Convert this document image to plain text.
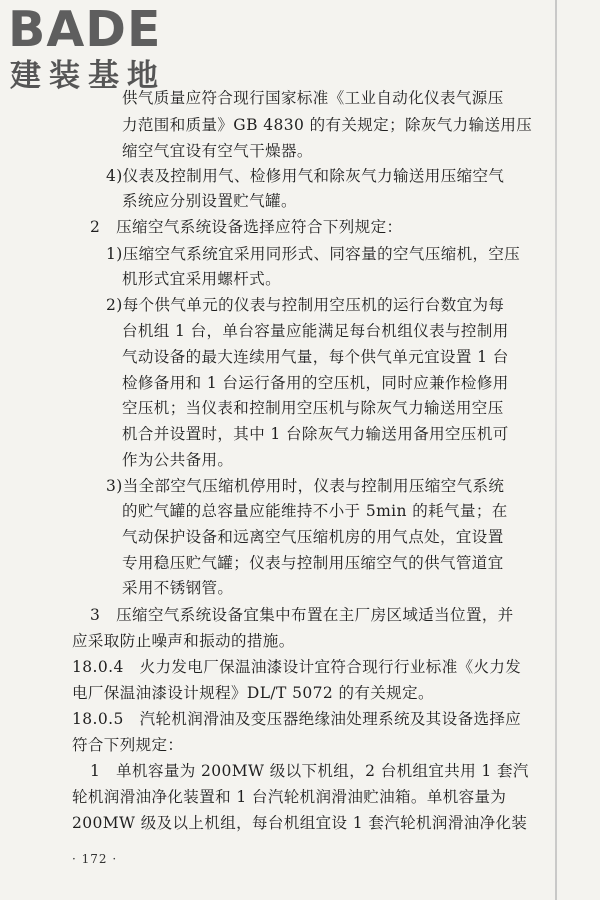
BADE
建装基地
供气质量应符合现行国家标准《工业自动化仪表气源压
力范围和质量》GB 4830 的有关规定；除灰气力输送用压
缩空气宜设有空气干燥器。
4)仪表及控制用气、检修用气和除灰气力输送用压缩空气
系统应分别设置贮气罐。
2　压缩空气系统设备选择应符合下列规定：
1)压缩空气系统宜采用同形式、同容量的空气压缩机，空压
机形式宜采用螺杆式。
2)每个供气单元的仪表与控制用空压机的运行台数宜为每
台机组 1 台，单台容量应能满足每台机组仪表与控制用
气动设备的最大连续用气量，每个供气单元宜设置 1 台
检修备用和 1 台运行备用的空压机，同时应兼作检修用
空压机；当仪表和控制用空压机与除灰气力输送用空压
机合并设置时，其中 1 台除灰气力输送用备用空压机可
作为公共备用。
3)当全部空气压缩机停用时，仪表与控制用压缩空气系统
的贮气罐的总容量应能维持不小于 5min 的耗气量；在
气动保护设备和远离空气压缩机房的用气点处，宜设置
专用稳压贮气罐；仪表与控制用压缩空气的供气管道宜
采用不锈钢管。
3　压缩空气系统设备宜集中布置在主厂房区域适当位置，并
应采取防止噪声和振动的措施。
18.0.4　火力发电厂保温油漆设计宜符合现行行业标准《火力发
电厂保温油漆设计规程》DL/T 5072 的有关规定。
18.0.5　汽轮机润滑油及变压器绝缘油处理系统及其设备选择应
符合下列规定：
1　单机容量为 200MW 级以下机组，2 台机组宜共用 1 套汽
轮机润滑油净化装置和 1 台汽轮机润滑油贮油箱。单机容量为
200MW 级及以上机组，每台机组宜设 1 套汽轮机润滑油净化装
· 172 ·
